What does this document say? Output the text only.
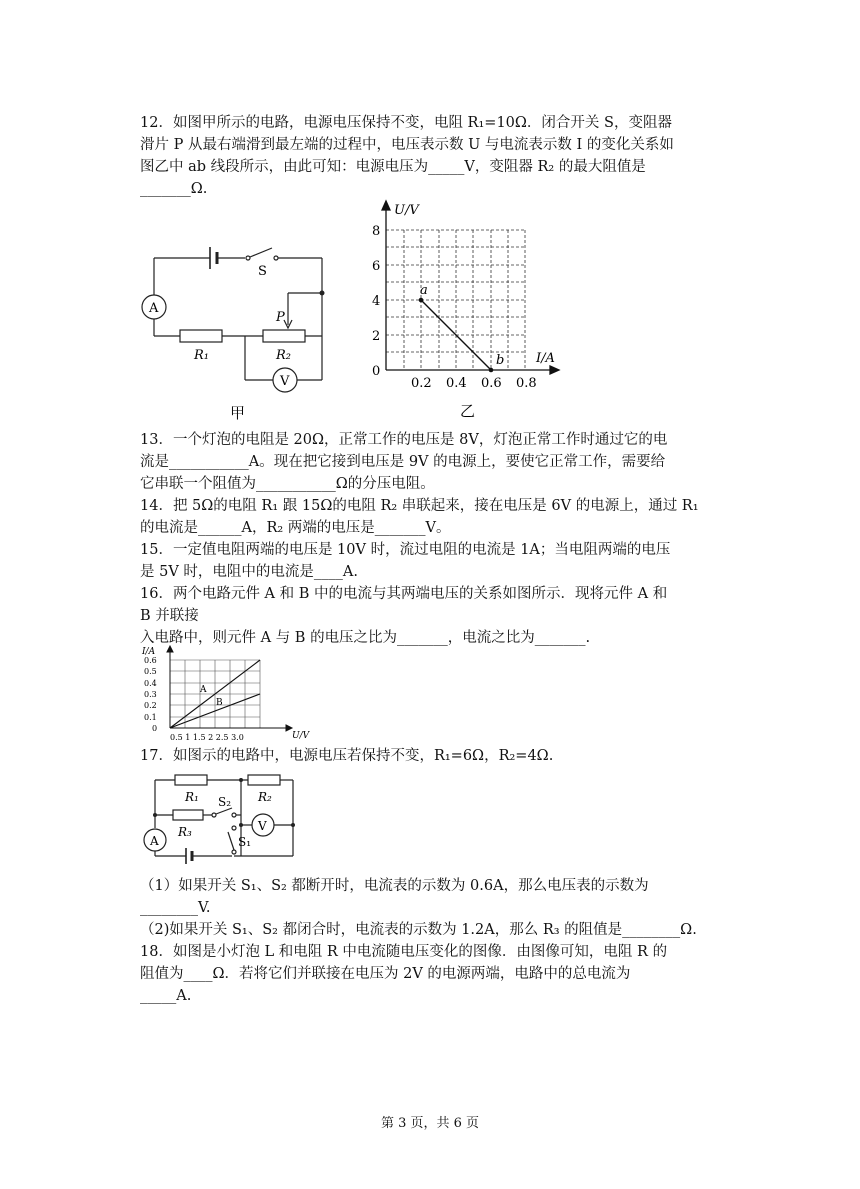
12．如图甲所示的电路，电源电压保持不变，电阻 R₁=10Ω．闭合开关 S，变阻器
滑片 P 从最右端滑到最左端的过程中，电压表示数 U 与电流表示数 I 的变化关系如
图乙中 ab 线段所示，由此可知：电源电压为_____V，变阻器 R₂ 的最大阻值是
_______Ω.
S
A
V
R₁	R₂
P
甲
U/V
I/A
0
2
4
6
8
0.2 0.4 0.6 0.8
a
b
乙
13．一个灯泡的电阻是 20Ω，正常工作的电压是 8V，灯泡正常工作时通过它的电
流是___________A。现在把它接到电压是 9V 的电源上，要使它正常工作，需要给
它串联一个阻值为___________Ω的分压电阻。
14．把 5Ω的电阻 R₁ 跟 15Ω的电阻 R₂ 串联起来，接在电压是 6V 的电源上，通过 R₁
的电流是______A，R₂ 两端的电压是_______V。
15．一定值电阻两端的电压是 10V 时，流过电阻的电流是 1A；当电阻两端的电压
是 5V 时，电阻中的电流是____A.
16．两个电路元件 A 和 B 中的电流与其两端电压的关系如图所示．现将元件 A 和
B 并联接
入电路中，则元件 A 与 B 的电压之比为_______，电流之比为_______.
I/A
U/V
0.6
0.5
0.4
0.3
0.2
0.1
0
0.5 1 1.5 2 2.5 3.0
A
B
17．如图示的电路中，电源电压若保持不变，R₁=6Ω，R₂=4Ω.
A
V
R₁	R₂
R₃
S₂
S₁
（1）如果开关 S₁、S₂ 都断开时，电流表的示数为 0.6A，那么电压表的示数为
________V.
（2)如果开关 S₁、S₂ 都闭合时，电流表的示数为 1.2A，那么 R₃ 的阻值是________Ω.
18．如图是小灯泡 L 和电阻 R 中电流随电压变化的图像．由图像可知，电阻 R 的
阻值为____Ω．若将它们并联接在电压为 2V 的电源两端，电路中的总电流为
_____A.
第 3 页，共 6 页
